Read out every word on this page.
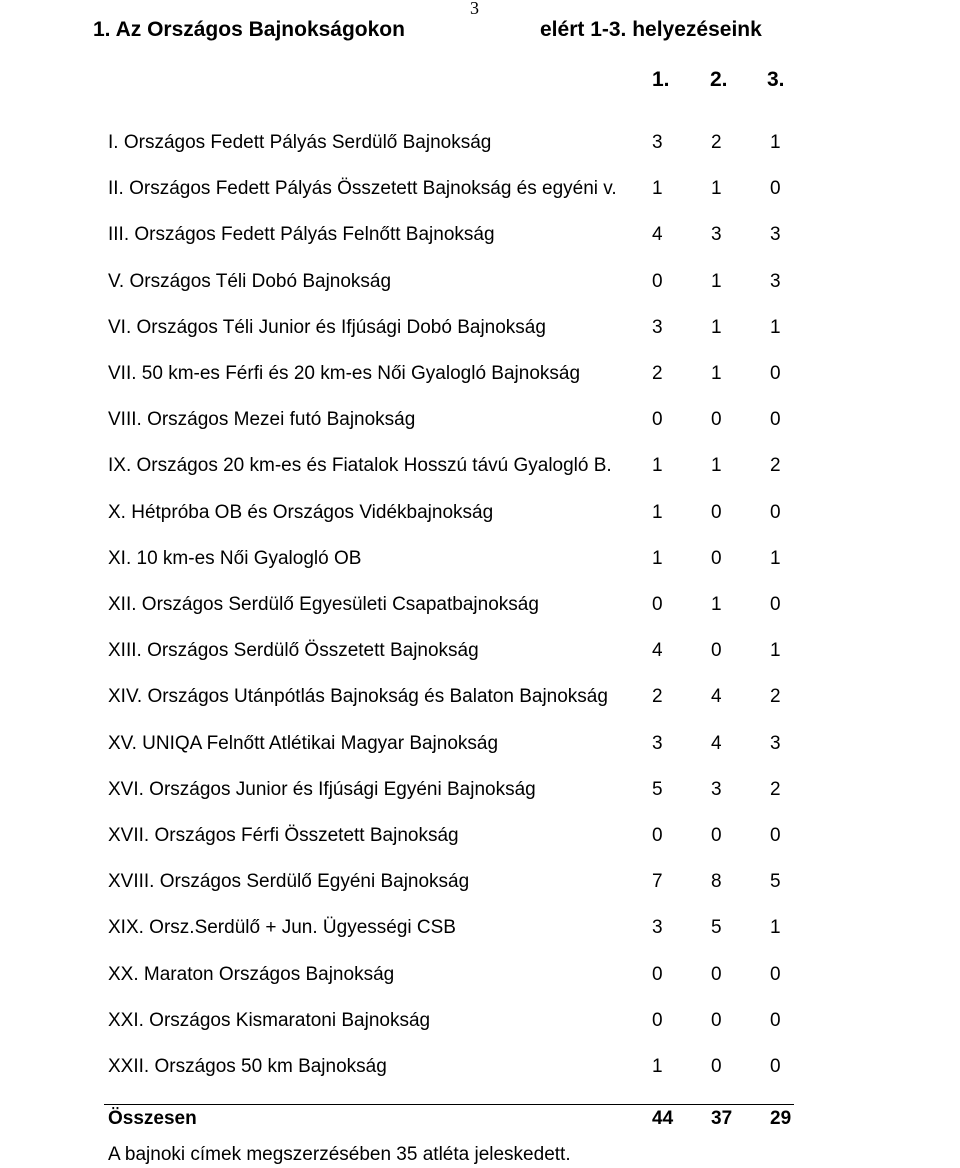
3
1. Az Országos Bajnokságokon	elért 1-3. helyezéseink
1. 2. 3.
I. Országos Fedett Pályás Serdülő Bajnokság	3	2	1
II. Országos Fedett Pályás Összetett Bajnokság és egyéni v. 1	1	0
III. Országos Fedett Pályás Felnőtt Bajnokság	4	3	3
V. Országos Téli Dobó Bajnokság	0	1	3
VI. Országos Téli Junior és Ifjúsági Dobó Bajnokság	3	1	1
VII. 50 km-es Férfi és 20 km-es Női Gyalogló Bajnokság	2	1	0
VIII. Országos Mezei futó Bajnokság	0	0	0
IX. Országos 20 km-es és Fiatalok Hosszú távú Gyalogló B. 1	1	2
X. Hétpróba OB és Országos Vidékbajnokság	1	0	0
XI. 10 km-es Női Gyalogló OB	1	0	1
XII. Országos Serdülő Egyesületi Csapatbajnokság	0	1	0
XIII. Országos Serdülő Összetett Bajnokság	4	0	1
XIV. Országos Utánpótlás Bajnokság és Balaton Bajnokság 2	4	2
XV. UNIQA Felnőtt Atlétikai Magyar Bajnokság	3	4	3
XVI. Országos Junior és Ifjúsági Egyéni Bajnokság	5	3	2
XVII. Országos Férfi Összetett Bajnokság	0	0	0
XVIII. Országos Serdülő Egyéni Bajnokság	7	8	5
XIX. Orsz.Serdülő + Jun. Ügyességi CSB	3	5	1
XX. Maraton Országos Bajnokság	0	0	0
XXI. Országos Kismaratoni Bajnokság	0	0	0
XXII. Országos 50 km Bajnokság	1	0	0
Összesen	44 37 29
A bajnoki címek megszerzésében 35 atléta jeleskedett.
